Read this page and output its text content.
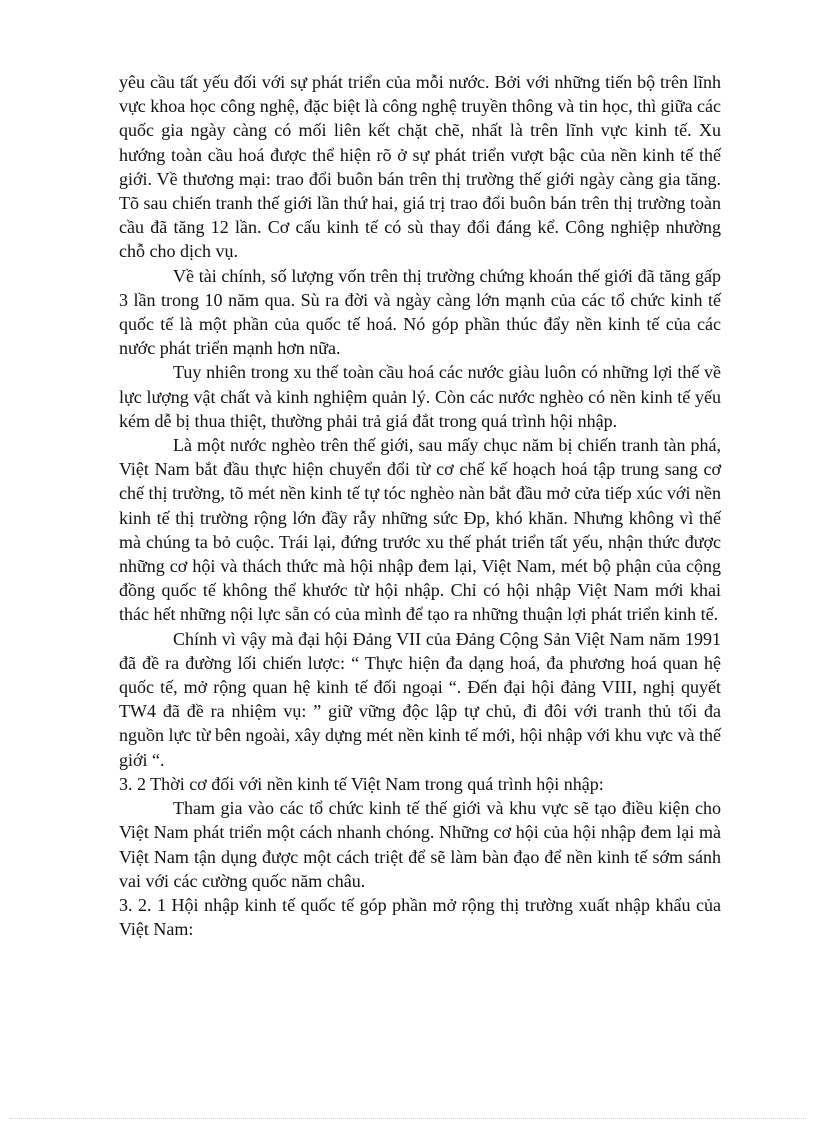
yêu cầu tất yếu đối với sự phát triển của mỗi nước. Bởi với những tiến bộ trên lĩnh vực khoa học công nghệ, đặc biệt là công nghệ truyền thông và tin học, thì giữa các quốc gia ngày càng có mối liên kết chặt chẽ, nhất là trên lĩnh vực kinh tế. Xu hướng toàn cầu hoá được thể hiện rõ ở sự phát triển vượt bậc của nền kinh tế thế giới. Về thương mại: trao đổi buôn bán trên thị trường thế giới ngày càng gia tăng. Tõ sau chiến tranh thế giới lần thứ hai, giá trị trao đổi buôn bán trên thị trường toàn cầu đã tăng 12 lần. Cơ cấu kinh tế có sù thay đổi đáng kể. Công nghiệp nhường chỗ cho dịch vụ.

Về tài chính, số lượng vốn trên thị trường chứng khoán thế giới đã tăng gấp 3 lần trong 10 năm qua. Sù ra đời và ngày càng lớn mạnh của các tổ chức kinh tế quốc tế là một phần của quốc tế hoá. Nó góp phần thúc đẩy nền kinh tế của các nước phát triển mạnh hơn nữa.

Tuy nhiên trong xu thế toàn cầu hoá các nước giàu luôn có những lợi thế về lực lượng vật chất và kinh nghiệm quản lý. Còn các nước nghèo có nền kinh tế yếu kém dễ bị thua thiệt, thường phải trả giá đắt trong quá trình hội nhập.

Là một nước nghèo trên thế giới, sau mấy chục năm bị chiến tranh tàn phá, Việt Nam bắt đầu thực hiện chuyển đổi từ cơ chế kế hoạch hoá tập trung sang cơ chế thị trường, tõ mét nền kinh tế tự tóc nghèo nàn bắt đầu mở cửa tiếp xúc với nền kinh tế thị trường rộng lớn đầy rẫy những sức Ðp, khó khăn. Nhưng không vì thế mà chúng ta bỏ cuộc. Trái lại, đứng trước xu thế phát triển tất yếu, nhận thức được những cơ hội và thách thức mà hội nhập đem lại, Việt Nam, mét bộ phận của cộng đồng quốc tế không thể khước từ hội nhập. Chỉ có hội nhập Việt Nam mới khai thác hết những nội lực sẵn có của mình để tạo ra những thuận lợi phát triển kinh tế.

Chính vì vậy mà đại hội Đảng VII của Đảng Cộng Sản Việt Nam năm 1991 đã đề ra đường lối chiến lược: “ Thực hiện đa dạng hoá, đa phương hoá quan hệ quốc tế, mở rộng quan hệ kinh tế đối ngoại “. Đến đại hội đảng VIII, nghị quyết TW4 đã đề ra nhiệm vụ: ” giữ vững độc lập tự chủ, đi đôi với tranh thủ tối đa nguồn lực từ bên ngoài, xây dựng mét nền kinh tế mới, hội nhập với khu vực và thế giới “.

3. 2 Thời cơ đối với nền kinh tế Việt Nam trong quá trình hội nhập:

Tham gia vào các tổ chức kinh tế thế giới và khu vực sẽ tạo điều kiện cho Việt Nam phát triển một cách nhanh chóng. Những cơ hội của hội nhập đem lại mà Việt Nam tận dụng được một cách triệt để sẽ làm bàn đạo để nền kinh tế sớm sánh vai với các cường quốc năm châu.

3. 2. 1 Hội nhập kinh tế quốc tế góp phần mở rộng thị trường xuất nhập khẩu của Việt Nam:
